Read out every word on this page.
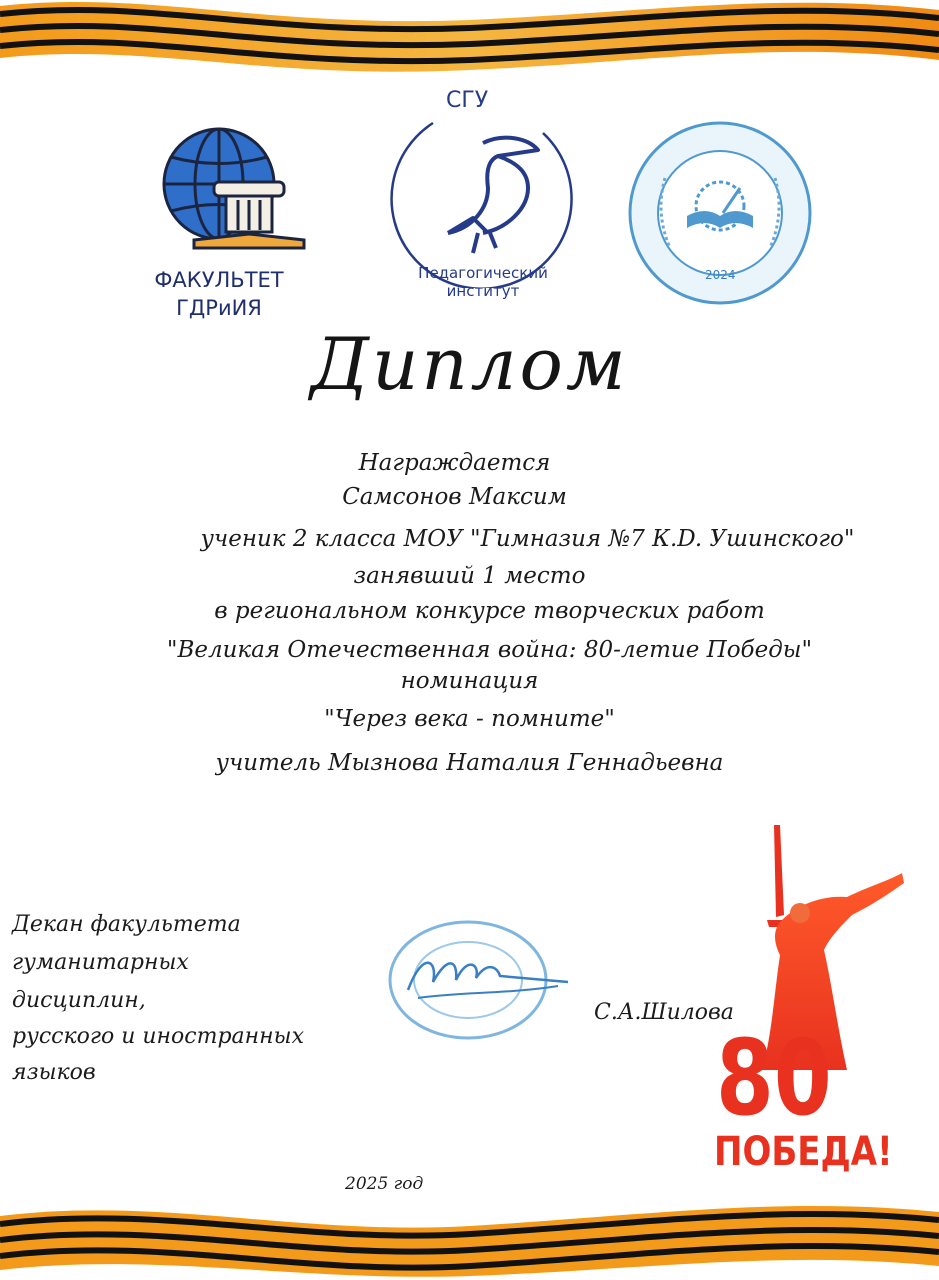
ФАКУЛЬТЕТ
ГДРиИЯ
СГУ
Педагогический институт
2024
Диплом
Награждается
Самсонов Максим
ученик 2 класса МОУ "Гимназия №7 К.D. Ушинского"
занявший 1 место
в региональном конкурсе творческих работ
"Великая Отечественная война: 80-летие Победы"
номинация
"Через века - помните"
учитель Мызнова Наталия Геннадьевна
Декан факультета
гуманитарных
дисциплин,
русского и иностранных
языков
С.А.Шилова
80
ПОБЕДА!
2025 год
